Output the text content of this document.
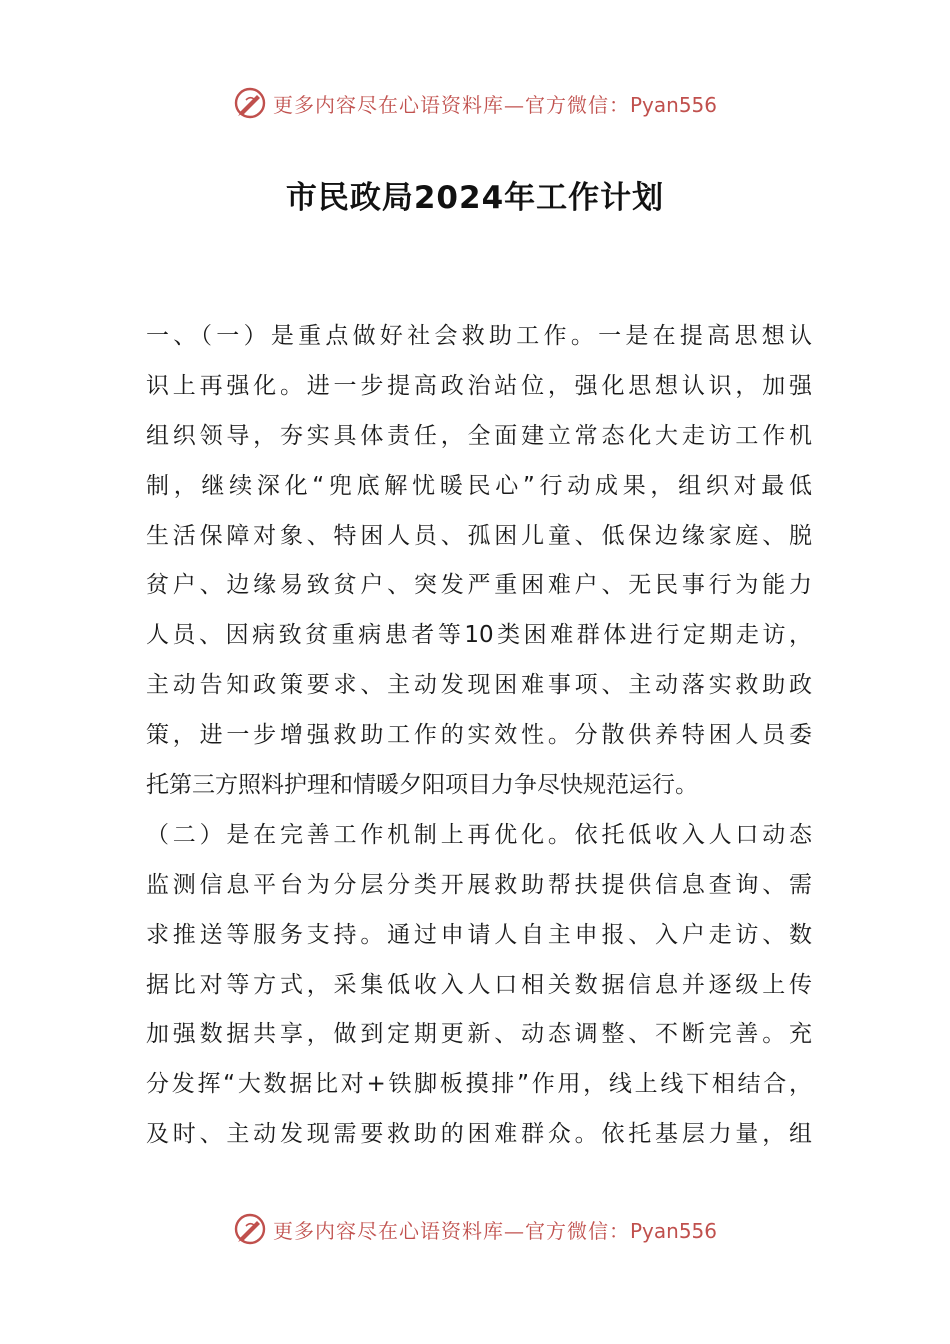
更多内容尽在心语资料库—官方微信：Pyan556
市民政局2024年工作计划
一、（一）是重点做好社会救助工作。一是在提高思想认
识上再强化。进一步提高政治站位，强化思想认识，加强
组织领导，夯实具体责任，全面建立常态化大走访工作机
制，继续深化“兜底解忧暖民心”行动成果，组织对最低
生活保障对象、特困人员、孤困儿童、低保边缘家庭、脱
贫户、边缘易致贫户、突发严重困难户、无民事行为能力
人员、因病致贫重病患者等10类困难群体进行定期走访，
主动告知政策要求、主动发现困难事项、主动落实救助政
策，进一步增强救助工作的实效性。分散供养特困人员委
托第三方照料护理和情暖夕阳项目力争尽快规范运行。
（二）是在完善工作机制上再优化。依托低收入人口动态
监测信息平台为分层分类开展救助帮扶提供信息查询、需
求推送等服务支持。通过申请人自主申报、入户走访、数
据比对等方式，采集低收入人口相关数据信息并逐级上传
加强数据共享，做到定期更新、动态调整、不断完善。充
分发挥“大数据比对+铁脚板摸排”作用，线上线下相结合，
及时、主动发现需要救助的困难群众。依托基层力量，组
更多内容尽在心语资料库—官方微信：Pyan556
